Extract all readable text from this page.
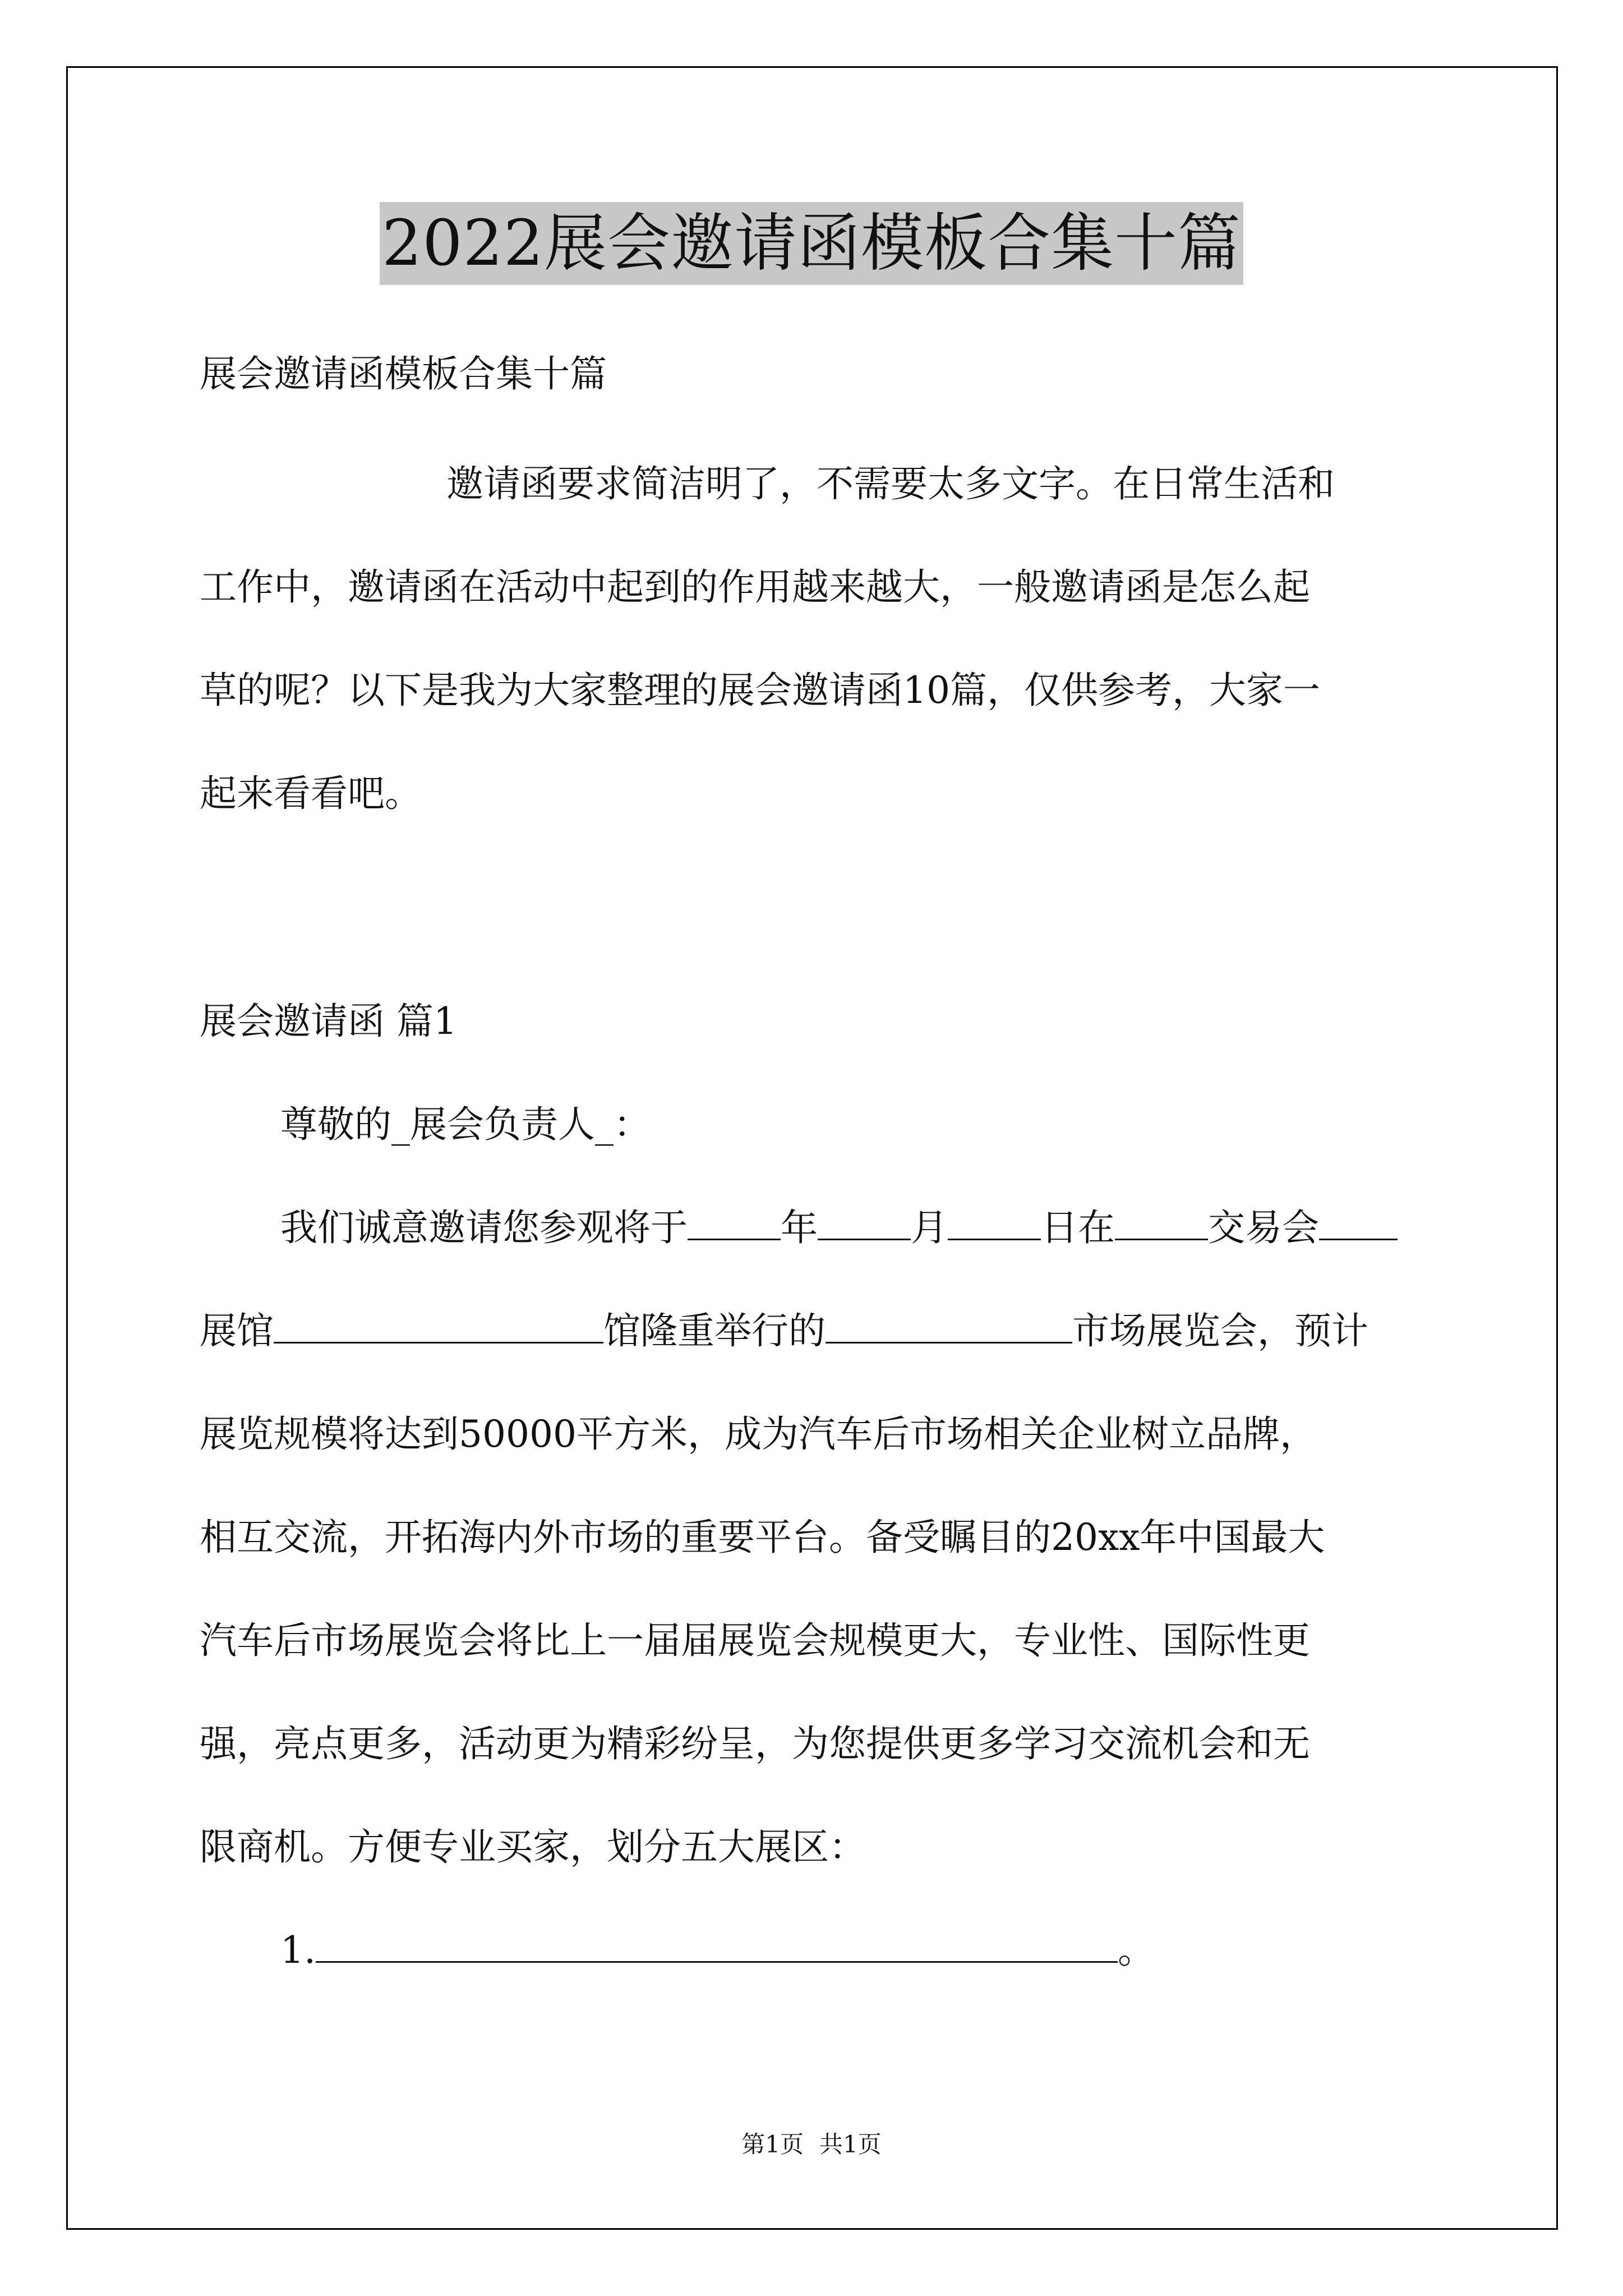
2022展会邀请函模板合集十篇
展会邀请函模板合集十篇
邀请函要求简洁明了，不需要太多文字。在日常生活和
工作中，邀请函在活动中起到的作用越来越大，一般邀请函是怎么起
草的呢？以下是我为大家整理的展会邀请函10篇，仅供参考，大家一
起来看看吧。
展会邀请函 篇1
尊敬的_展会负责人_：
我们诚意邀请您参观将于	年	月	日在	交易会
展馆	馆隆重举行的	市场展览会，预计
展览规模将达到50000平方米，成为汽车后市场相关企业树立品牌，
相互交流，开拓海内外市场的重要平台。备受瞩目的20xx年中国最大
汽车后市场展览会将比上一届届展览会规模更大，专业性、国际性更
强，亮点更多，活动更为精彩纷呈，为您提供更多学习交流机会和无
限商机。方便专业买家，划分五大展区：
1.	。
第1页 共1页
